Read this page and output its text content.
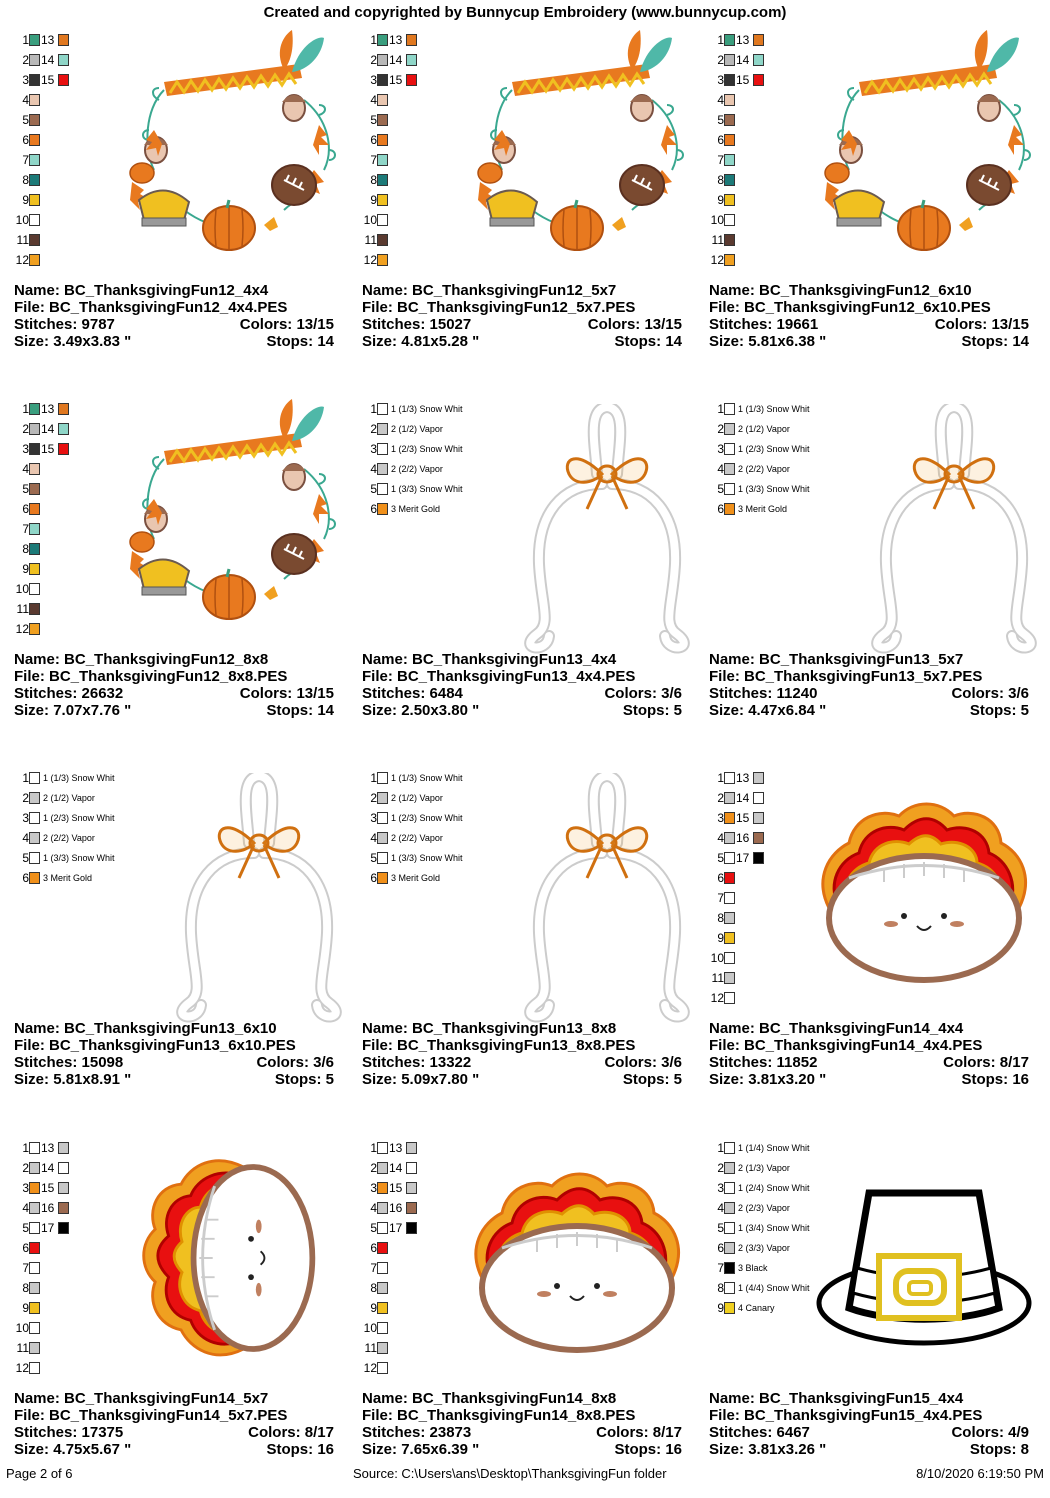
Created and copyrighted by Bunnycup Embroidery (www.bunnycup.com)
1 13
2 14
3 15
4
5
6
7
8
9
10
11
12
Name: BC_ThanksgivingFun12_4x4
File: BC_ThanksgivingFun12_4x4.PES
Stitches: 9787	Colors: 13/15
Size: 3.49x3.83 "	Stops: 14
1 13
2 14
3 15
4
5
6
7
8
9
10
11
12
Name: BC_ThanksgivingFun12_5x7
File: BC_ThanksgivingFun12_5x7.PES
Stitches: 15027	Colors: 13/15
Size: 4.81x5.28 "	Stops: 14
1 13
2 14
3 15
4
5
6
7
8
9
10
11
12
Name: BC_ThanksgivingFun12_6x10
File: BC_ThanksgivingFun12_6x10.PES
Stitches: 19661	Colors: 13/15
Size: 5.81x6.38 "	Stops: 14
1 13
2 14
3 15
4
5
6
7
8
9
10
11
12
Name: BC_ThanksgivingFun12_8x8
File: BC_ThanksgivingFun12_8x8.PES
Stitches: 26632	Colors: 13/15
Size: 7.07x7.76 "	Stops: 14
1 1 (1/3) Snow Whit
2 2 (1/2) Vapor
3 1 (2/3) Snow Whit
4 2 (2/2) Vapor
5 1 (3/3) Snow Whit
6 3 Merit Gold
Name: BC_ThanksgivingFun13_4x4
File: BC_ThanksgivingFun13_4x4.PES
Stitches: 6484	Colors: 3/6
Size: 2.50x3.80 "	Stops: 5
1 1 (1/3) Snow Whit
2 2 (1/2) Vapor
3 1 (2/3) Snow Whit
4 2 (2/2) Vapor
5 1 (3/3) Snow Whit
6 3 Merit Gold
Name: BC_ThanksgivingFun13_5x7
File: BC_ThanksgivingFun13_5x7.PES
Stitches: 11240	Colors: 3/6
Size: 4.47x6.84 "	Stops: 5
1 1 (1/3) Snow Whit
2 2 (1/2) Vapor
3 1 (2/3) Snow Whit
4 2 (2/2) Vapor
5 1 (3/3) Snow Whit
6 3 Merit Gold
Name: BC_ThanksgivingFun13_6x10
File: BC_ThanksgivingFun13_6x10.PES
Stitches: 15098	Colors: 3/6
Size: 5.81x8.91 "	Stops: 5
1 1 (1/3) Snow Whit
2 2 (1/2) Vapor
3 1 (2/3) Snow Whit
4 2 (2/2) Vapor
5 1 (3/3) Snow Whit
6 3 Merit Gold
Name: BC_ThanksgivingFun13_8x8
File: BC_ThanksgivingFun13_8x8.PES
Stitches: 13322	Colors: 3/6
Size: 5.09x7.80 "	Stops: 5
1 13
2 14
3 15
4 16
5 17
6
7
8
9
10
11
12
Name: BC_ThanksgivingFun14_4x4
File: BC_ThanksgivingFun14_4x4.PES
Stitches: 11852	Colors: 8/17
Size: 3.81x3.20 "	Stops: 16
1 13
2 14
3 15
4 16
5 17
6
7
8
9
10
11
12
Name: BC_ThanksgivingFun14_5x7
File: BC_ThanksgivingFun14_5x7.PES
Stitches: 17375	Colors: 8/17
Size: 4.75x5.67 "	Stops: 16
1 13
2 14
3 15
4 16
5 17
6
7
8
9
10
11
12
Name: BC_ThanksgivingFun14_8x8
File: BC_ThanksgivingFun14_8x8.PES
Stitches: 23873	Colors: 8/17
Size: 7.65x6.39 "	Stops: 16
1 1 (1/4) Snow Whit
2 2 (1/3) Vapor
3 1 (2/4) Snow Whit
4 2 (2/3) Vapor
5 1 (3/4) Snow Whit
6 2 (3/3) Vapor
7 3 Black
8 1 (4/4) Snow Whit
9 4 Canary
Name: BC_ThanksgivingFun15_4x4
File: BC_ThanksgivingFun15_4x4.PES
Stitches: 6467	Colors: 4/9
Size: 3.81x3.26 "	Stops: 8
Page 2 of 6	Source: C:\Users\ans\Desktop\ThanksgivingFun folder	8/10/2020 6:19:50 PM
